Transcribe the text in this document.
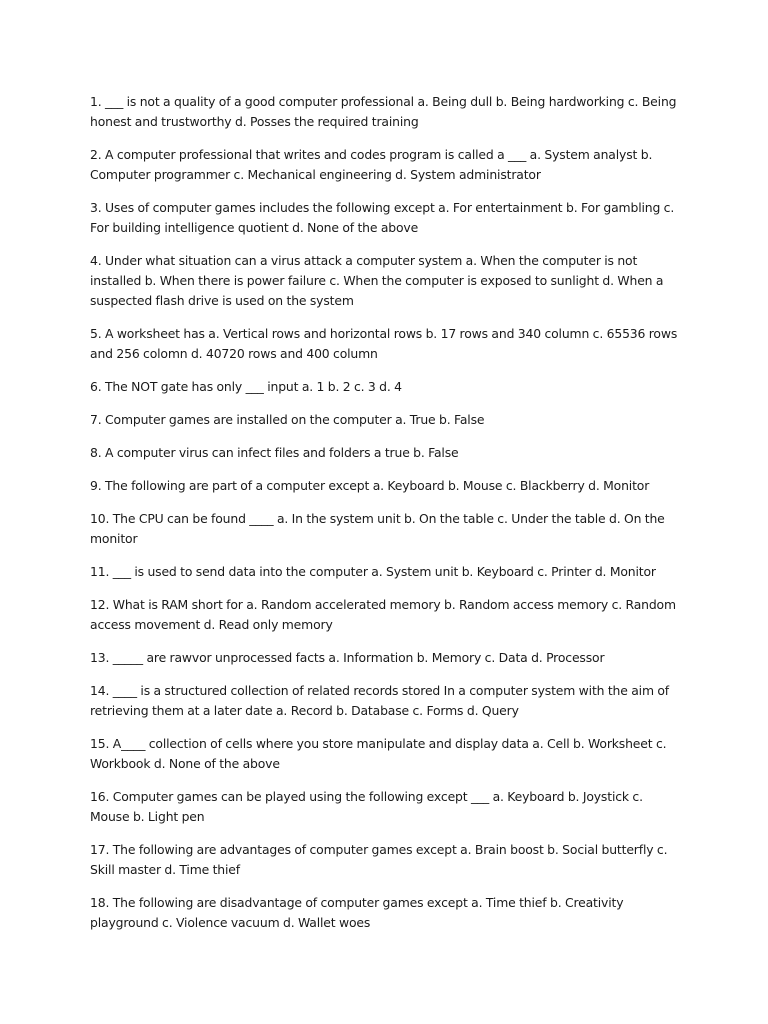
1. ___ is not a quality of a good computer professional a. Being dull b. Being hardworking c. Being honest and trustworthy d. Posses the required training
2. A computer professional that writes and codes program is called a ___ a. System analyst b. Computer programmer c. Mechanical engineering d. System administrator
3. Uses of computer games includes the following except a. For entertainment b. For gambling c. For building intelligence quotient d. None of the above
4. Under what situation can a virus attack a computer system a. When the computer is not installed b. When there is power failure c. When the computer is exposed to sunlight d. When a suspected flash drive is used on the system
5. A worksheet has a. Vertical rows and horizontal rows b. 17 rows and 340 column c. 65536 rows and 256 colomn d. 40720 rows and 400 column
6. The NOT gate has only ___ input a. 1 b. 2 c. 3 d. 4
7. Computer games are installed on the computer a. True b. False
8. A computer virus can infect files and folders a true b. False
9. The following are part of a computer except a. Keyboard b. Mouse c. Blackberry d. Monitor
10. The CPU can be found ____ a. In the system unit b. On the table c. Under the table d. On the monitor
11. ___ is used to send data into the computer a. System unit b. Keyboard c. Printer d. Monitor
12. What is RAM short for a. Random accelerated memory b. Random access memory c. Random access movement d. Read only memory
13. _____ are rawvor unprocessed facts a. Information b. Memory c. Data d. Processor
14. ____ is a structured collection of related records stored In a computer system with the aim of retrieving them at a later date a. Record b. Database c. Forms d. Query
15. A____ collection of cells where you store manipulate and display data a. Cell b. Worksheet c. Workbook d. None of the above
16. Computer games can be played using the following except ___ a. Keyboard b. Joystick c. Mouse b. Light pen
17. The following are advantages of computer games except a. Brain boost b. Social butterfly c. Skill master d. Time thief
18. The following are disadvantage of computer games except a. Time thief b. Creativity playground c. Violence vacuum d. Wallet woes
